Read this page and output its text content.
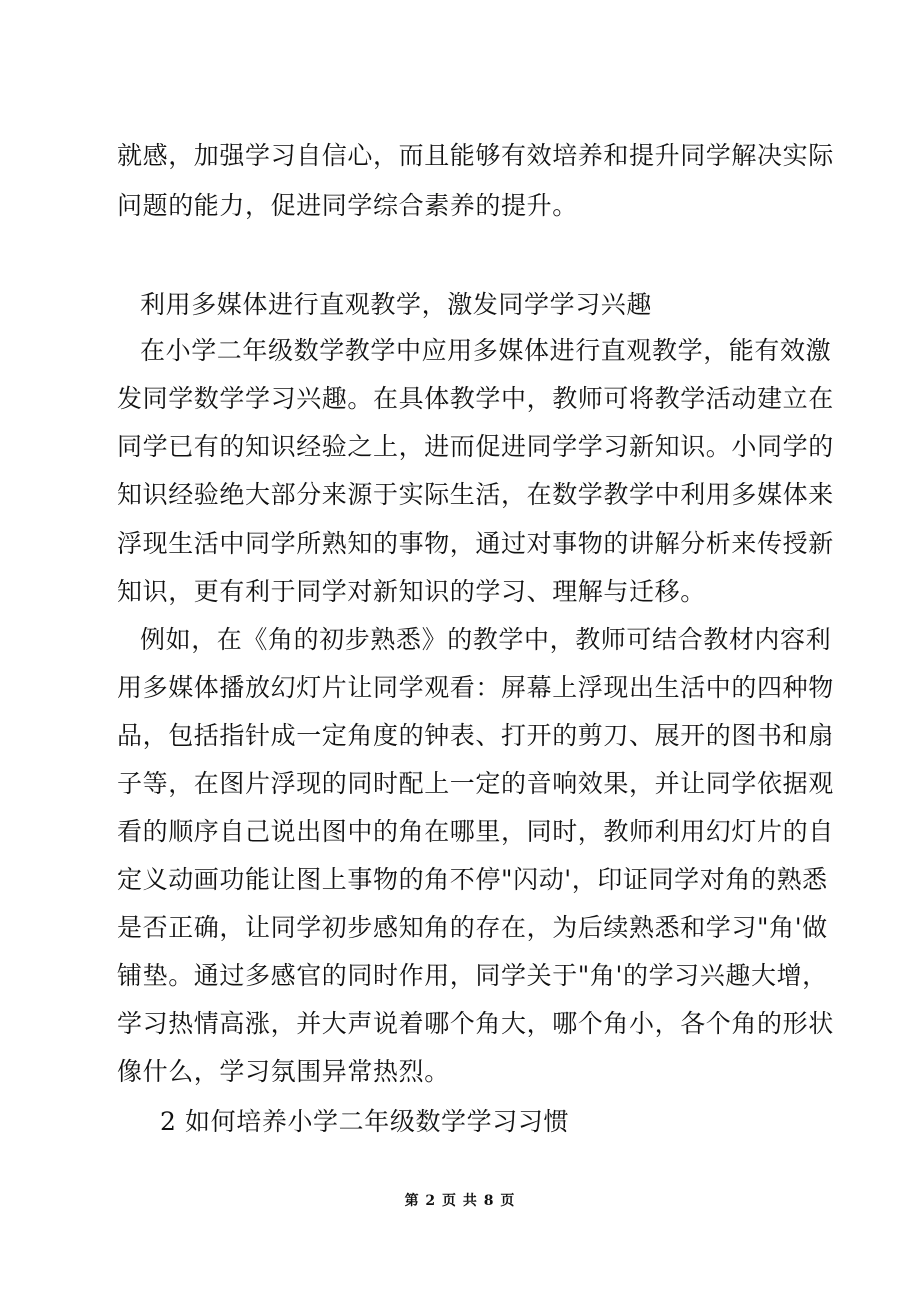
就感，加强学习自信心，而且能够有效培养和提升同学解决实际
问题的能力，促进同学综合素养的提升。
利用多媒体进行直观教学，激发同学学习兴趣
在小学二年级数学教学中应用多媒体进行直观教学，能有效激
发同学数学学习兴趣。在具体教学中，教师可将教学活动建立在
同学已有的知识经验之上，进而促进同学学习新知识。小同学的
知识经验绝大部分来源于实际生活，在数学教学中利用多媒体来
浮现生活中同学所熟知的事物，通过对事物的讲解分析来传授新
知识，更有利于同学对新知识的学习、理解与迁移。
例如，在《角的初步熟悉》的教学中，教师可结合教材内容利
用多媒体播放幻灯片让同学观看：屏幕上浮现出生活中的四种物
品，包括指针成一定角度的钟表、打开的剪刀、展开的图书和扇
子等，在图片浮现的同时配上一定的音响效果，并让同学依据观
看的顺序自己说出图中的角在哪里，同时，教师利用幻灯片的自
定义动画功能让图上事物的角不停"闪动'，印证同学对角的熟悉
是否正确，让同学初步感知角的存在，为后续熟悉和学习"角'做
铺垫。通过多感官的同时作用，同学关于"角'的学习兴趣大增，
学习热情高涨，并大声说着哪个角大，哪个角小，各个角的形状
像什么，学习氛围异常热烈。
2 如何培养小学二年级数学学习习惯
第 2 页 共 8 页
